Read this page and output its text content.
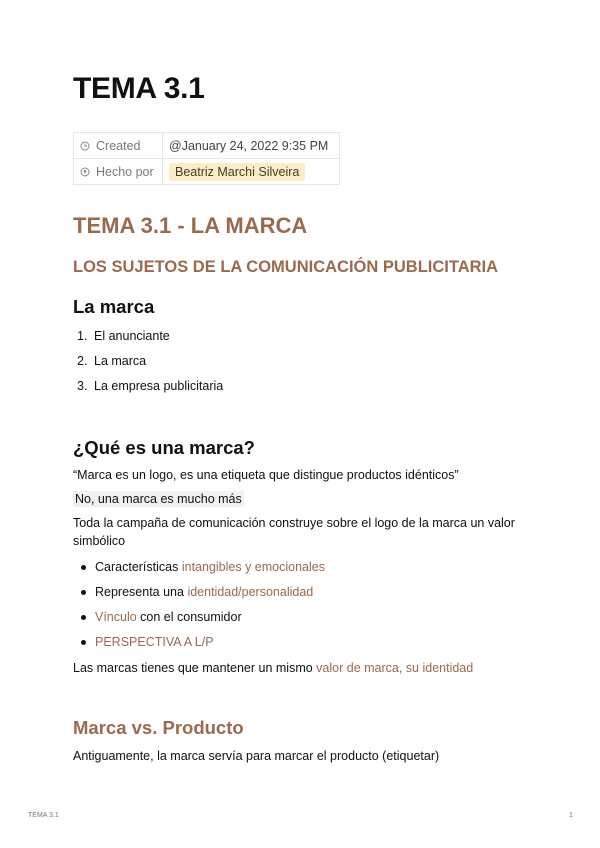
TEMA 3.1
Created	@January 24, 2022 9:35 PM
Hecho por	Beatriz Marchi Silveira
TEMA 3.1 - LA MARCA
LOS SUJETOS DE LA COMUNICACIÓN PUBLICITARIA
La marca
1. El anunciante
2. La marca
3. La empresa publicitaria
¿Qué es una marca?
“Marca es un logo, es una etiqueta que distingue productos idénticos”
No, una marca es mucho más
Toda la campaña de comunicación construye sobre el logo de la marca un valor simbólico
Características intangibles y emocionales
Representa una identidad/personalidad
Vínculo con el consumidor
PERSPECTIVA A L/P
Las marcas tienes que mantener un mismo valor de marca, su identidad
Marca vs. Producto
Antiguamente, la marca servía para marcar el producto (etiquetar)
TEMA 3.1	1
